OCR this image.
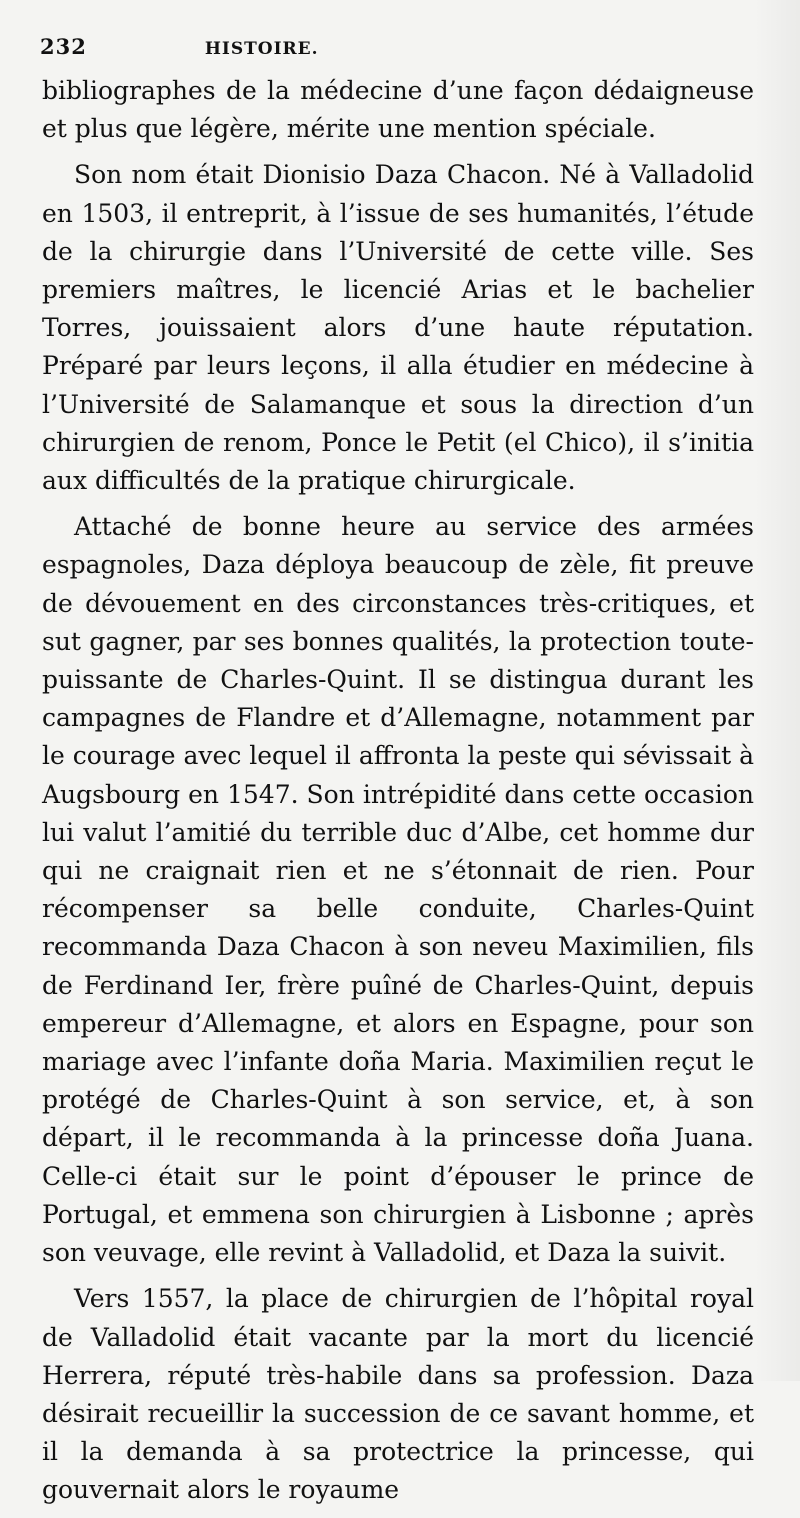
232	HISTOIRE.

bibliographes de la médecine d’une façon dédaigneuse et plus que légère, mérite une mention spéciale.

Son nom était Dionisio Daza Chacon. Né à Valladolid en 1503, il entreprit, à l’issue de ses humanités, l’étude de la chirurgie dans l’Université de cette ville. Ses premiers maîtres, le licencié Arias et le bachelier Torres, jouissaient alors d’une haute réputation. Préparé par leurs leçons, il alla étudier en médecine à l’Université de Salamanque et sous la direction d’un chirurgien de renom, Ponce le Petit (el Chico), il s’initia aux difficultés de la pratique chirurgicale.

Attaché de bonne heure au service des armées espagnoles, Daza déploya beaucoup de zèle, fit preuve de dévouement en des circonstances très-critiques, et sut gagner, par ses bonnes qualités, la protection toute-puissante de Charles-Quint. Il se distingua durant les campagnes de Flandre et d’Allemagne, notamment par le courage avec lequel il affronta la peste qui sévissait à Augsbourg en 1547. Son intrépidité dans cette occasion lui valut l’amitié du terrible duc d’Albe, cet homme dur qui ne craignait rien et ne s’étonnait de rien. Pour récompenser sa belle conduite, Charles-Quint recommanda Daza Chacon à son neveu Maximilien, fils de Ferdinand Ier, frère puîné de Charles-Quint, depuis empereur d’Allemagne, et alors en Espagne, pour son mariage avec l’infante doña Maria. Maximilien reçut le protégé de Charles-Quint à son service, et, à son départ, il le recommanda à la princesse doña Juana. Celle-ci était sur le point d’épouser le prince de Portugal, et emmena son chirurgien à Lisbonne ; après son veuvage, elle revint à Valladolid, et Daza la suivit.

Vers 1557, la place de chirurgien de l’hôpital royal de Valladolid était vacante par la mort du licencié Herrera, réputé très-habile dans sa profession. Daza désirait recueillir la succession de ce savant homme, et il la demanda à sa protectrice la princesse, qui gouvernait alors le royaume
